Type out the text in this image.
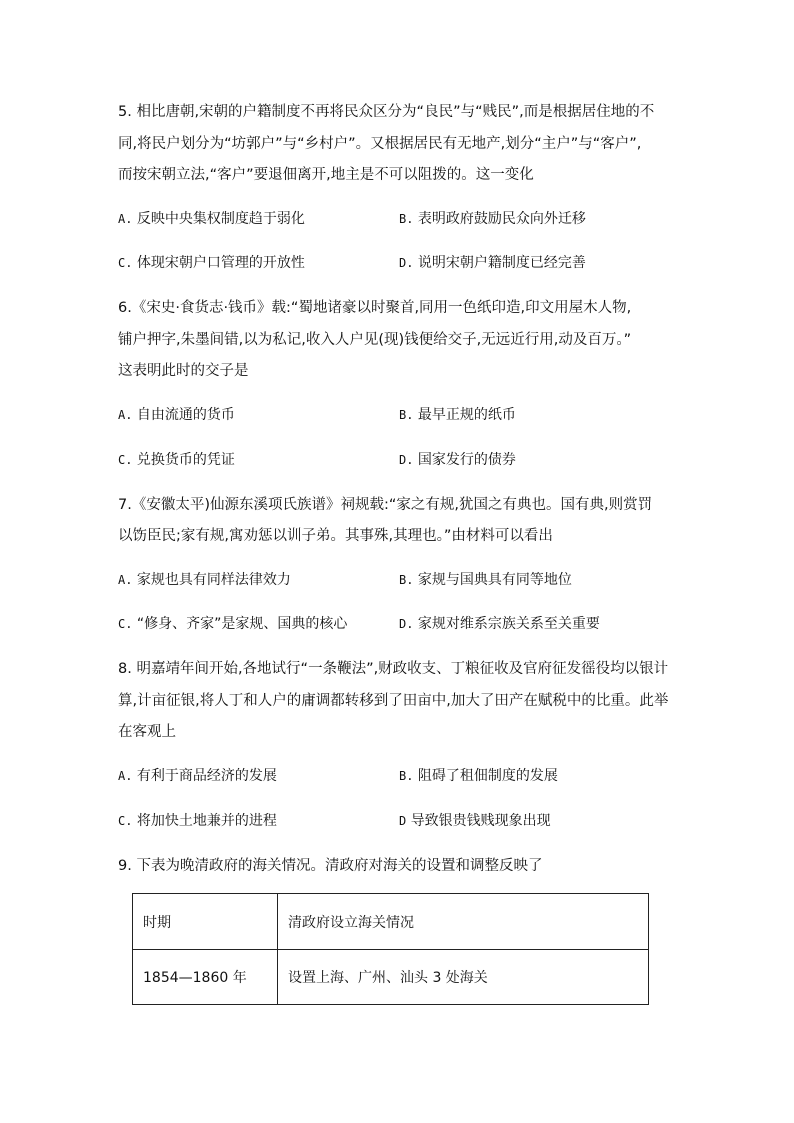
5. 相比唐朝,宋朝的户籍制度不再将民众区分为“良民”与“贱民”,而是根据居住地的不
同,将民户划分为“坊郭户”与“乡村户”。又根据居民有无地产,划分“主户”与“客户”,
而按宋朝立法,“客户”要退佃离开,地主是不可以阻拨的。这一变化
A. 反映中央集权制度趋于弱化	B. 表明政府鼓励民众向外迁移
C. 体现宋朝户口管理的开放性	D. 说明宋朝户籍制度已经完善
6.《宋史·食货志·钱币》载:“蜀地诸豪以时聚首,同用一色纸印造,印文用屋木人物,
铺户押字,朱墨间错,以为私记,收入人户见(现)钱便给交子,无远近行用,动及百万。”
这表明此时的交子是
A. 自由流通的货币	B. 最早正规的纸币
C. 兑换货币的凭证	D. 国家发行的债券
7.《安徽太平)仙源东溪项氏族谱》祠规载:“家之有规,犹国之有典也。国有典,则赏罚
以饬臣民;家有规,寓劝惩以训子弟。其事殊,其理也。”由材料可以看出
A. 家规也具有同样法律效力	B. 家规与国典具有同等地位
C. “修身、齐家”是家规、国典的核心	D. 家规对维系宗族关系至关重要
8. 明嘉靖年间开始,各地试行“一条鞭法”,财政收支、丁粮征收及官府征发徭役均以银计
算,计亩征银,将人丁和人户的庸调都转移到了田亩中,加大了田产在赋税中的比重。此举
在客观上
A. 有利于商品经济的发展	B. 阻碍了租佃制度的发展
C. 将加快土地兼并的进程	D 导致银贵钱贱现象出现
9. 下表为晚清政府的海关情况。清政府对海关的设置和调整反映了
时期	清政府设立海关情况
1854—1860 年	设置上海、广州、汕头 3 处海关
